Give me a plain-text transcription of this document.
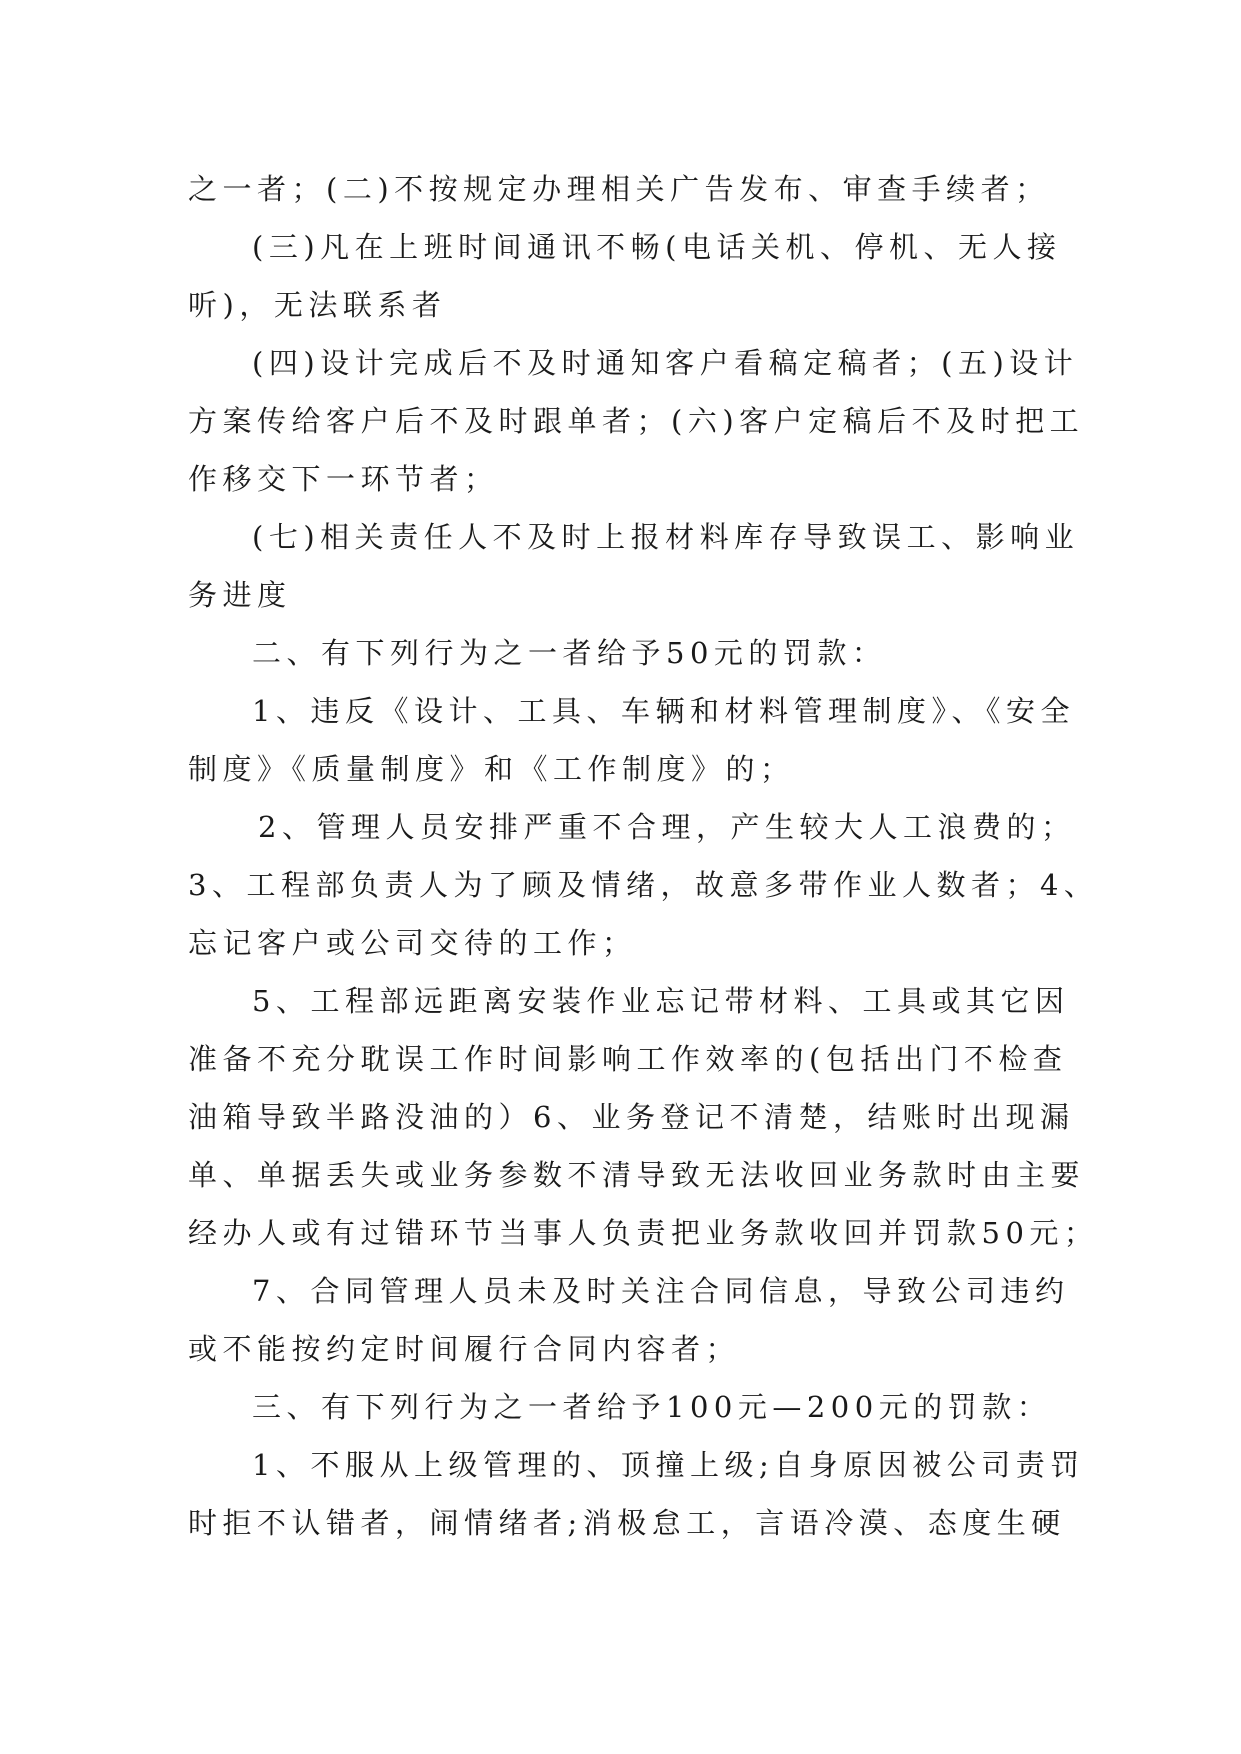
之一者；(二)不按规定办理相关广告发布、审查手续者；
(三)凡在上班时间通讯不畅(电话关机、停机、无人接
听)，无法联系者
(四)设计完成后不及时通知客户看稿定稿者；(五)设计
方案传给客户后不及时跟单者；(六)客户定稿后不及时把工
作移交下一环节者；
(七)相关责任人不及时上报材料库存导致误工、影响业
务进度
二、有下列行为之一者给予50元的罚款：
1、违反《设计、工具、车辆和材料管理制度》、《安全
制度》《质量制度》和《工作制度》的；
2、管理人员安排严重不合理，产生较大人工浪费的；
3、工程部负责人为了顾及情绪，故意多带作业人数者；4、
忘记客户或公司交待的工作；
5、工程部远距离安装作业忘记带材料、工具或其它因
准备不充分耽误工作时间影响工作效率的(包括出门不检查
油箱导致半路没油的）6、业务登记不清楚，结账时出现漏
单、单据丢失或业务参数不清导致无法收回业务款时由主要
经办人或有过错环节当事人负责把业务款收回并罚款50元；
7、合同管理人员未及时关注合同信息，导致公司违约
或不能按约定时间履行合同内容者；
三、有下列行为之一者给予100元—200元的罚款：
1、不服从上级管理的、顶撞上级;自身原因被公司责罚
时拒不认错者，闹情绪者;消极怠工，言语冷漠、态度生硬
